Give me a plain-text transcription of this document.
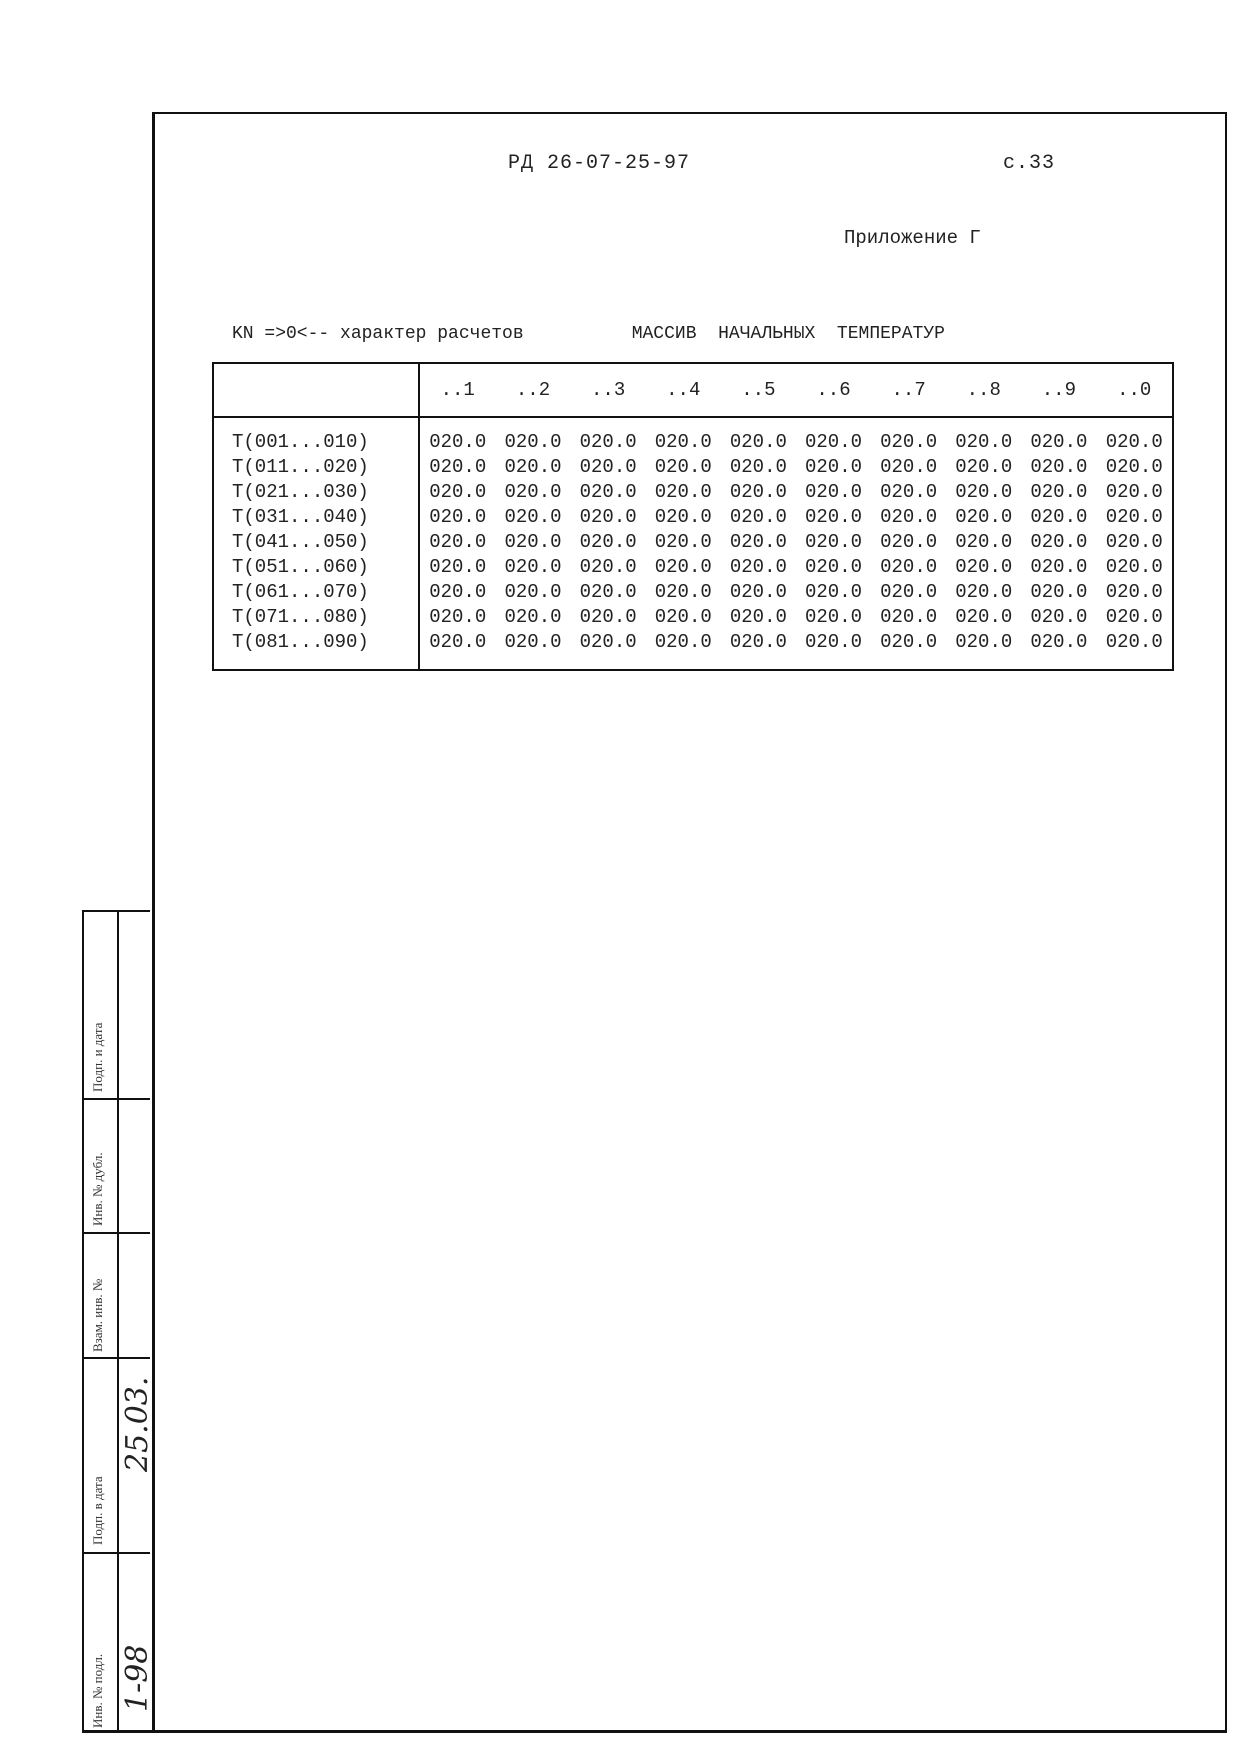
РД 26-07-25-97	с.33
Приложение Г
KN =>0<-- характер расчетов	МАССИВ  НАЧАЛЬНЫХ  ТЕМПЕРАТУР
	..1	..2	..3	..4	..5	..6	..7	..8	..9	..0
T(001...010)	020.0	020.0	020.0	020.0	020.0	020.0	020.0	020.0	020.0	020.0
T(011...020)	020.0	020.0	020.0	020.0	020.0	020.0	020.0	020.0	020.0	020.0
T(021...030)	020.0	020.0	020.0	020.0	020.0	020.0	020.0	020.0	020.0	020.0
T(031...040)	020.0	020.0	020.0	020.0	020.0	020.0	020.0	020.0	020.0	020.0
T(041...050)	020.0	020.0	020.0	020.0	020.0	020.0	020.0	020.0	020.0	020.0
T(051...060)	020.0	020.0	020.0	020.0	020.0	020.0	020.0	020.0	020.0	020.0
T(061...070)	020.0	020.0	020.0	020.0	020.0	020.0	020.0	020.0	020.0	020.0
T(071...080)	020.0	020.0	020.0	020.0	020.0	020.0	020.0	020.0	020.0	020.0
T(081...090)	020.0	020.0	020.0	020.0	020.0	020.0	020.0	020.0	020.0	020.0
Подп. и дата
Инв. № дубл.
Взам. инв. №
Подп. в дата
Инв. № подл.
25.03.
1-98
